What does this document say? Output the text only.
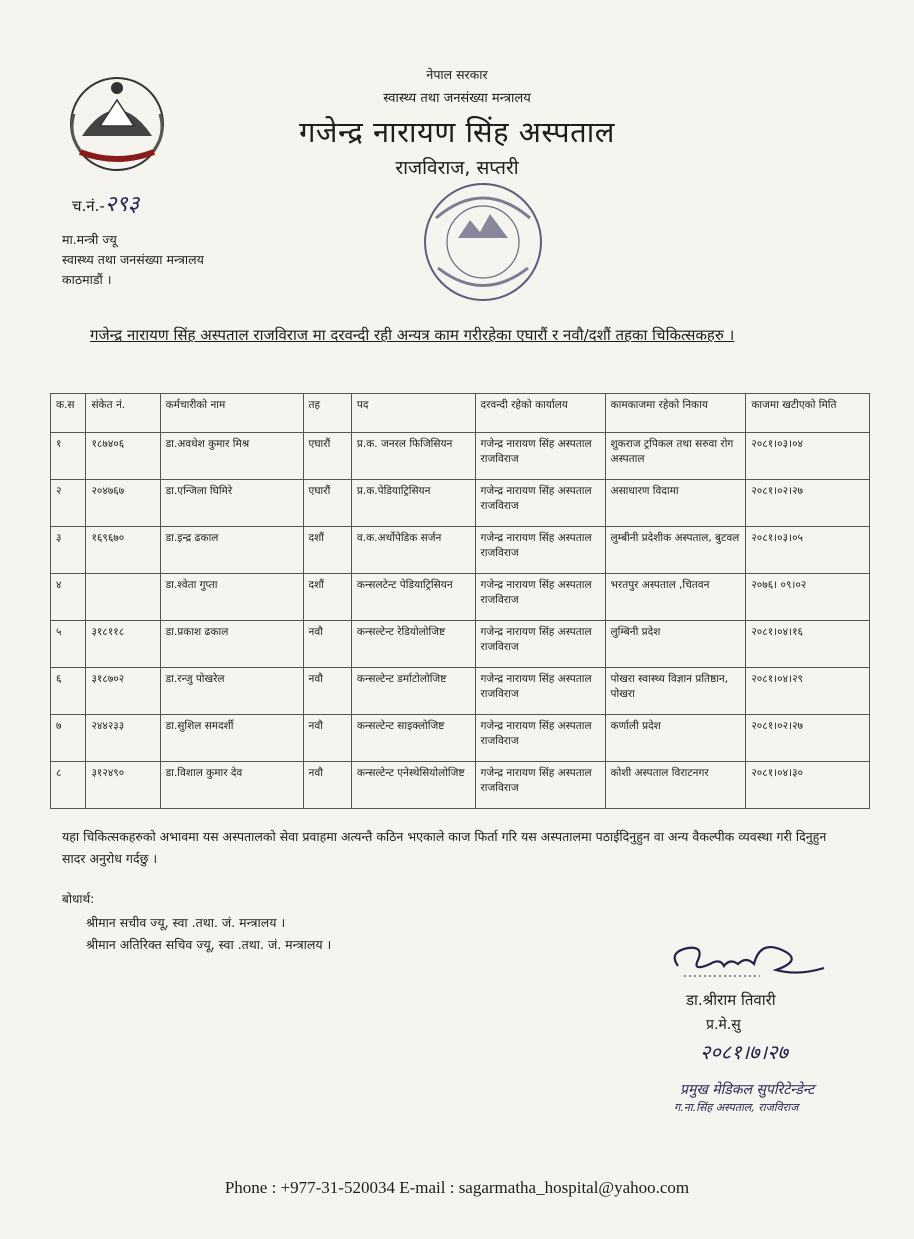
च.नं.-२९३
मा.मन्त्री ज्यू
स्वास्थ्य तथा जनसंख्या मन्त्रालय
काठमाडौं ।
नेपाल सरकार
स्वास्थ्य तथा जनसंख्या मन्त्रालय
गजेन्द्र नारायण सिंह अस्पताल
राजविराज, सप्तरी
गजेन्द्र नारायण सिंह अस्पताल राजविराज मा दरवन्दी रही अन्यत्र काम गरीरहेका एघारौं र नवौ/दशौं तहका चिकित्सकहरु ।
क.स	संकेत नं.	कर्मचारीको नाम	तह	पद	दरवन्दी रहेको कार्यालय	कामकाजमा रहेको निकाय	काजमा खटीएको मिति
१	१८७४०६	डा.अवधेश कुमार मिश्र	एघारौं	प्र.क. जनरल फिजिसियन	गजेन्द्र नारायण सिंह अस्पताल राजविराज	शुकराज ट्रपिकल तथा सरुवा रोग अस्पताल	२०८१।०३।०४
२	२०४७६७	डा.एन्जिला घिमिरे	एघारौं	प्र.क.पेडियाट्रिसियन	गजेन्द्र नारायण सिंह अस्पताल राजविराज	असाधारण विदामा	२०८१।०२।२७
३	१६९६७०	डा.इन्द्र ढकाल	दशौं	व.क.अर्थोपेडिक सर्जन	गजेन्द्र नारायण सिंह अस्पताल राजविराज	लुम्बीनी प्रदेशीक अस्पताल, बुटवल	२०८१।०३।०५
४		डा.श्वेता गुप्ता	दशौं	कन्सलटेन्ट पेडियाट्रिसियन	गजेन्द्र नारायण सिंह अस्पताल राजविराज	भरतपुर अस्पताल ,चितवन	२०७६। ०९।०२
५	३१८११८	डा.प्रकाश ढकाल	नवौ	कन्सल्टेन्ट रेडियोलोजिष्ट	गजेन्द्र नारायण सिंह अस्पताल राजविराज	लुम्बिनी प्रदेश	२०८१।०४।१६
६	३१८७०२	डा.रन्जु पोखरेल	नवौ	कन्सल्टेन्ट डर्माटोलोजिष्ट	गजेन्द्र नारायण सिंह अस्पताल राजविराज	पोखरा स्वास्थ्य विज्ञान प्रतिष्ठान, पोखरा	२०८१।०४।२९
७	२४४२३३	डा.सुशिल समदर्शी	नवौ	कन्सल्टेन्ट साइक्लोजिष्ट	गजेन्द्र नारायण सिंह अस्पताल राजविराज	कर्णाली प्रदेश	२०८१।०२।२७
८	३१२४९०	डा.विशाल कुमार देव	नवौ	कन्सल्टेन्ट एनेस्थेसियोलोजिष्ट	गजेन्द्र नारायण सिंह अस्पताल राजविराज	कोशी अस्पताल विराटनगर	२०८१।०४।३०
यहा चिकित्सकहरुको अभावमा यस अस्पतालको सेवा प्रवाहमा अत्यन्तै कठिन भएकाले काज फिर्ता गरि यस अस्पतालमा पठाईदिनुहुन वा अन्य वैकल्पीक व्यवस्था गरी दिनुहुन सादर अनुरोध गर्दछु ।
बोधार्थ:
श्रीमान सचीव ज्यू, स्वा .तथा. जं. मन्त्रालय ।
श्रीमान अतिरिक्त सचिव ज्यू, स्वा .तथा. जं. मन्त्रालय ।
डा.श्रीराम तिवारी
प्र.मे.सु
२०८१।७।२७
प्रमुख मेडिकल सुपरिटेन्डेन्ट
ग.ना.सिंह अस्पताल, राजविराज
Phone : +977-31-520034 E-mail : sagarmatha_hospital@yahoo.com
